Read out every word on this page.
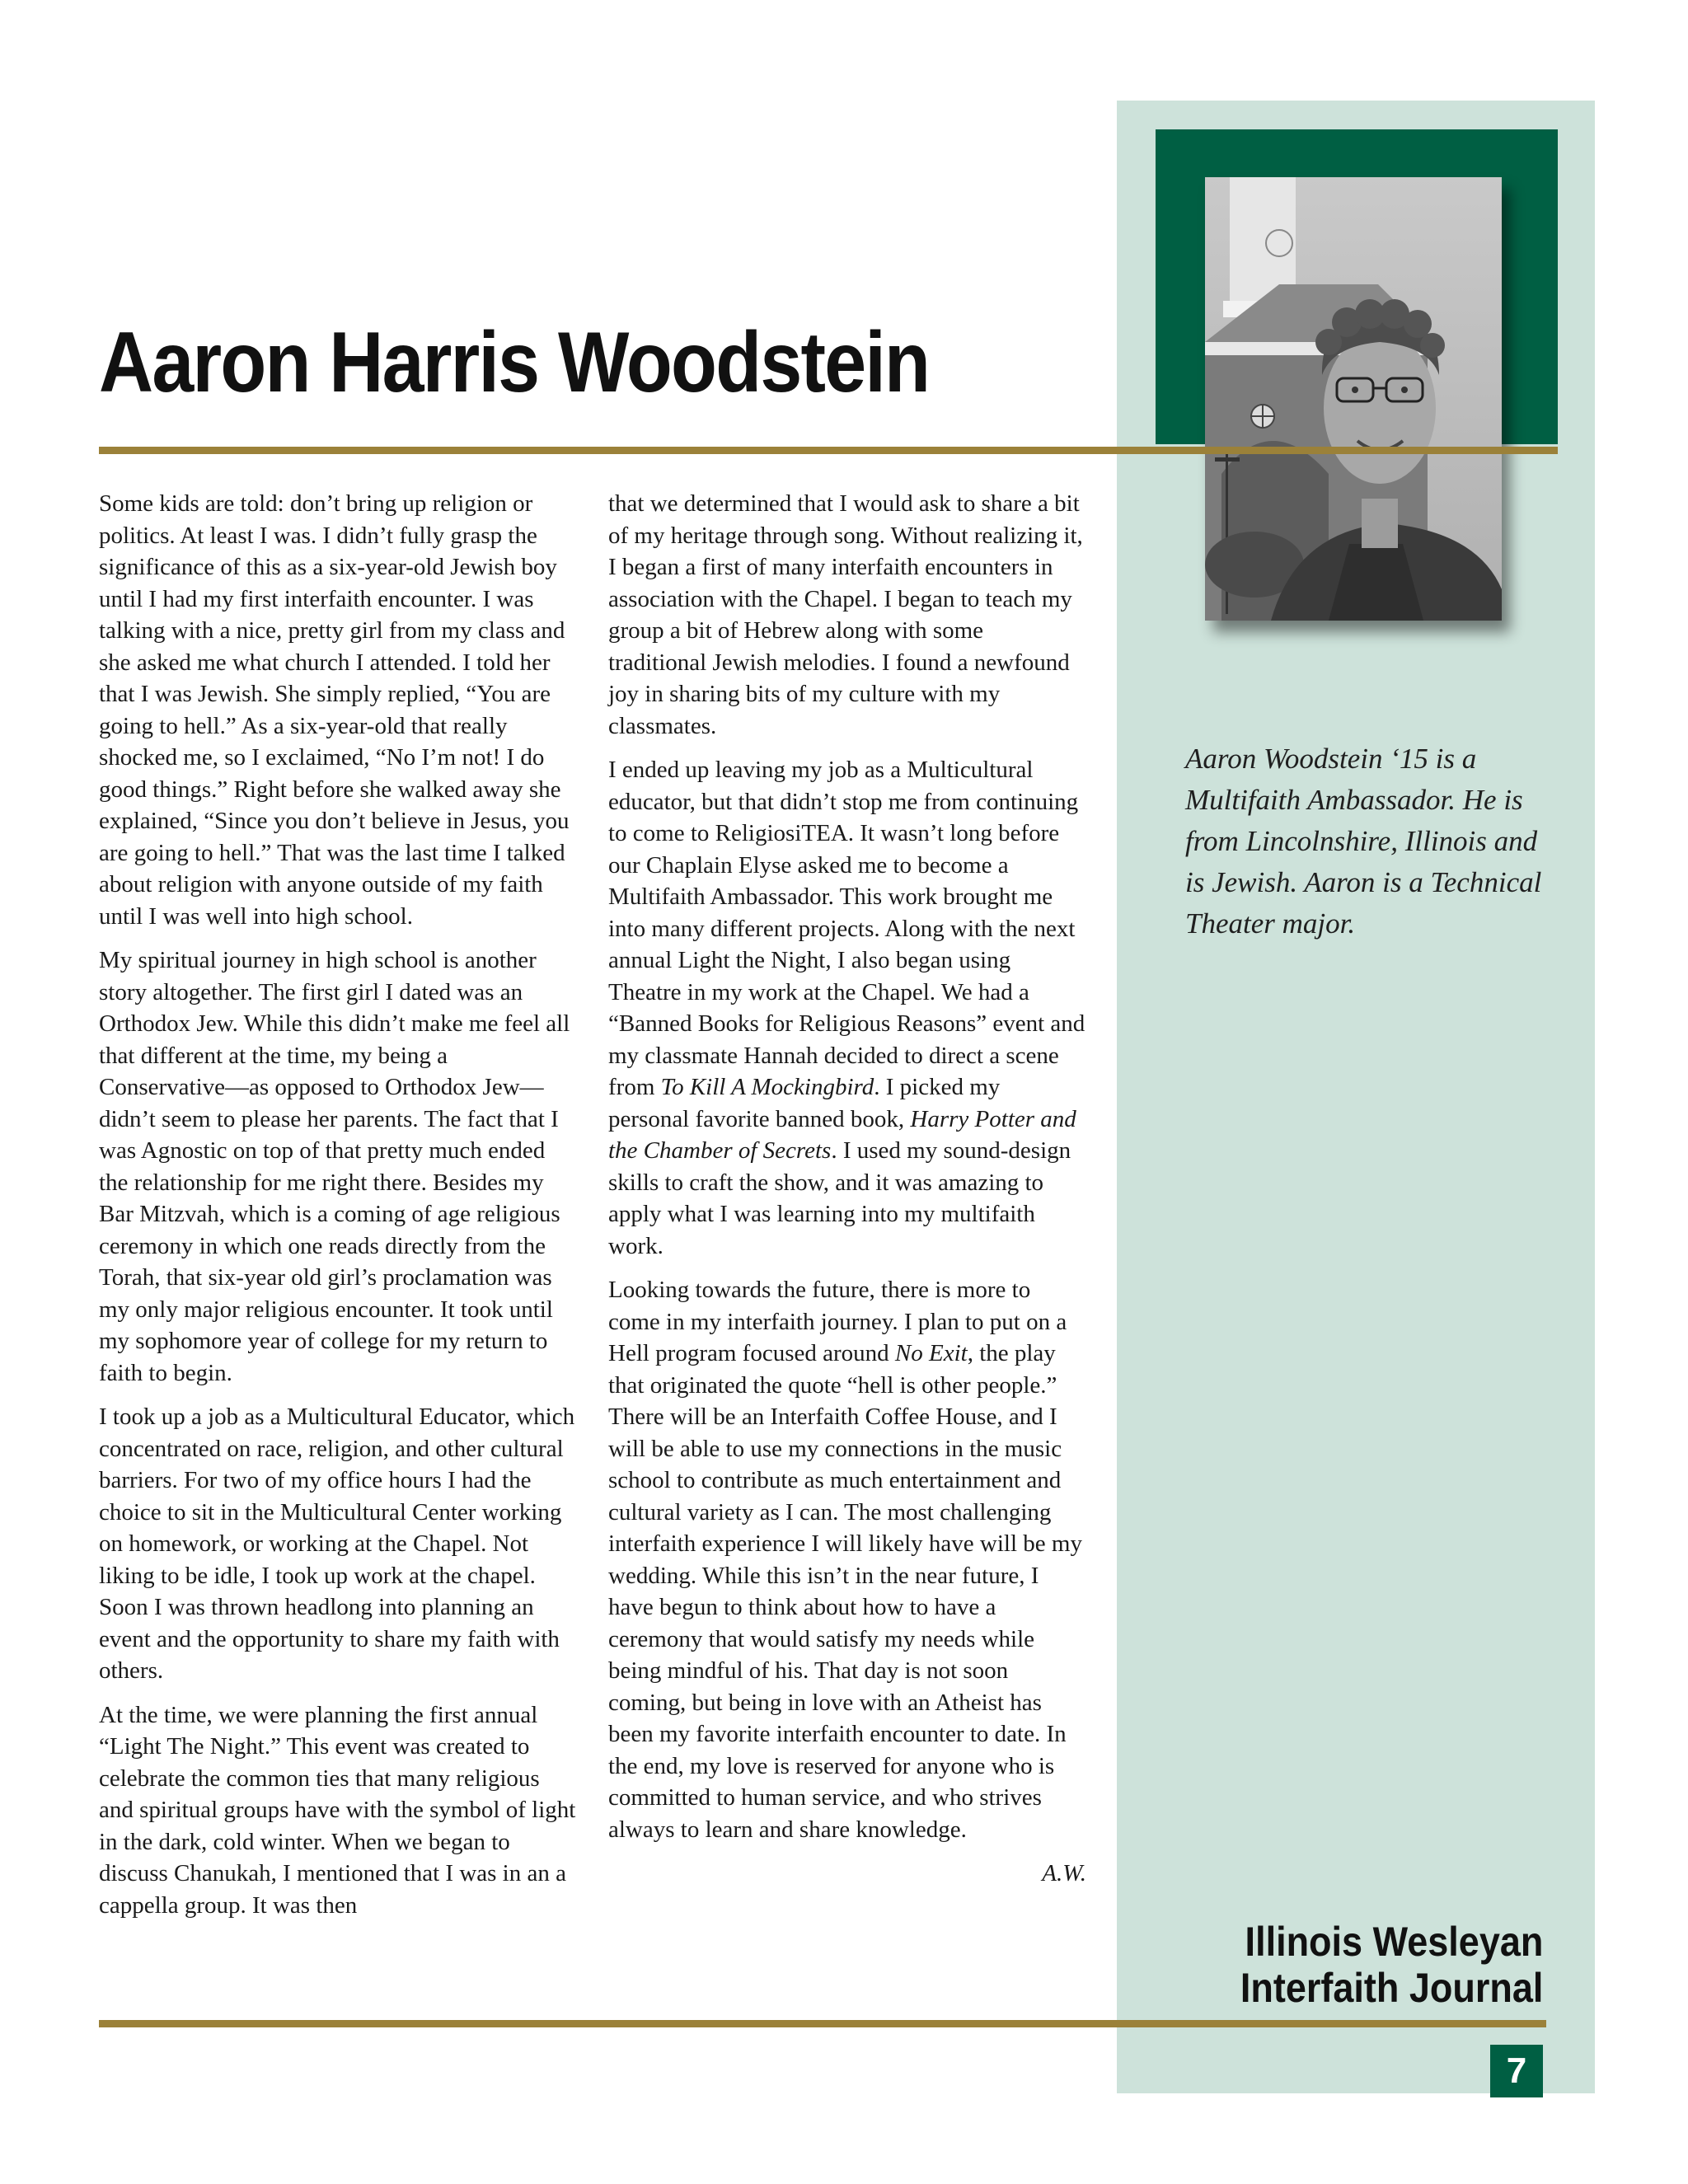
Aaron Harris Woodstein

Some kids are told: don’t bring up religion or politics. At least I was. I didn’t fully grasp the significance of this as a six-year-old Jewish boy until I had my first interfaith encounter. I was talking with a nice, pretty girl from my class and she asked me what church I attended. I told her that I was Jewish. She simply replied, “You are going to hell.” As a six-year-old that really shocked me, so I exclaimed, “No I’m not! I do good things.” Right before she walked away she explained, “Since you don’t believe in Jesus, you are going to hell.” That was the last time I talked about religion with anyone outside of my faith until I was well into high school.

My spiritual journey in high school is another story altogether. The first girl I dated was an Orthodox Jew. While this didn’t make me feel all that different at the time, my being a Conservative—as opposed to Orthodox Jew—didn’t seem to please her parents. The fact that I was Agnostic on top of that pretty much ended the relationship for me right there. Besides my Bar Mitzvah, which is a coming of age religious ceremony in which one reads directly from the Torah, that six-year old girl’s proclamation was my only major religious encounter. It took until my sophomore year of college for my return to faith to begin.

I took up a job as a Multicultural Educator, which concentrated on race, religion, and other cultural barriers. For two of my office hours I had the choice to sit in the Multicultural Center working on homework, or working at the Chapel. Not liking to be idle, I took up work at the chapel. Soon I was thrown headlong into planning an event and the opportunity to share my faith with others.

At the time, we were planning the first annual “Light The Night.” This event was created to celebrate the common ties that many religious and spiritual groups have with the symbol of light in the dark, cold winter. When we began to discuss Chanukah, I mentioned that I was in an a cappella group. It was then

that we determined that I would ask to share a bit of my heritage through song. Without realizing it, I began a first of many interfaith encounters in association with the Chapel. I began to teach my group a bit of Hebrew along with some traditional Jewish melodies. I found a newfound joy in sharing bits of my culture with my classmates.

I ended up leaving my job as a Multicultural educator, but that didn’t stop me from continuing to come to ReligiosiTEA. It wasn’t long before our Chaplain Elyse asked me to become a Multifaith Ambassador. This work brought me into many different projects. Along with the next annual Light the Night, I also began using Theatre in my work at the Chapel. We had a “Banned Books for Religious Reasons” event and my classmate Hannah decided to direct a scene from To Kill A Mockingbird. I picked my personal favorite banned book, Harry Potter and the Chamber of Secrets. I used my sound-design skills to craft the show, and it was amazing to apply what I was learning into my multifaith work.

Looking towards the future, there is more to come in my interfaith journey. I plan to put on a Hell program focused around No Exit, the play that originated the quote “hell is other people.” There will be an Interfaith Coffee House, and I will be able to use my connections in the music school to contribute as much entertainment and cultural variety as I can. The most challenging interfaith experience I will likely have will be my wedding. While this isn’t in the near future, I have begun to think about how to have a ceremony that would satisfy my needs while being mindful of his. That day is not soon coming, but being in love with an Atheist has been my favorite interfaith encounter to date. In the end, my love is reserved for anyone who is committed to human service, and who strives always to learn and share knowledge.

A.W.

Aaron Woodstein ‘15 is a Multifaith Ambassador. He is from Lincolnshire, Illinois and is Jewish. Aaron is a Technical Theater major.
Illinois Wesleyan
Interfaith Journal
7
